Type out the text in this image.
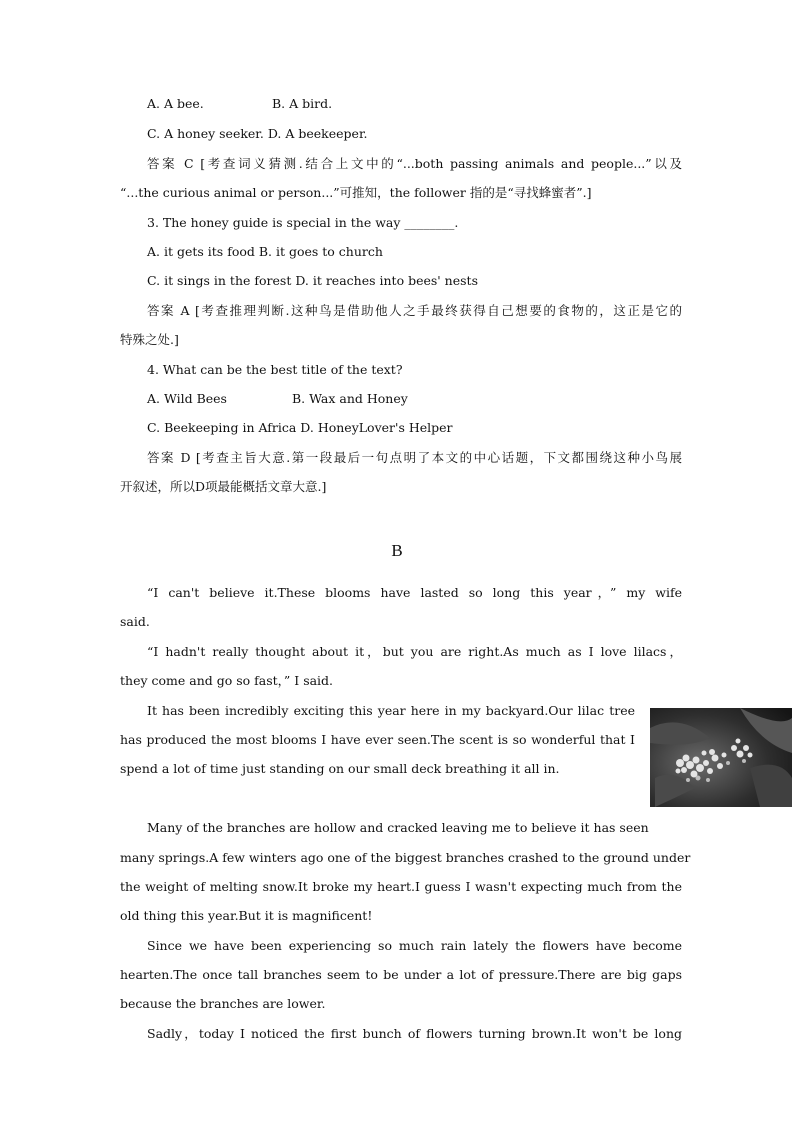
A. A bee.	B. A bird.
C. A honey seeker. D. A beekeeper.
答案 C [考查词义猜测.结合上文中的“...both passing animals and people...”以及
“...the curious animal or person...”可推知，the follower 指的是“寻找蜂蜜者”.]
3. The honey guide is special in the way ________.
A. it gets its food B. it goes to church
C. it sings in the forest D. it reaches into bees' nests
答案 A [考查推理判断.这种鸟是借助他人之手最终获得自己想要的食物的，这正是它的
特殊之处.]
4. What can be the best title of the text?
A. Wild Bees	B. Wax and Honey
C. Beekeeping in Africa D. HoneyLover's Helper
答案 D [考查主旨大意.第一段最后一句点明了本文的中心话题，下文都围绕这种小鸟展
开叙述，所以D项最能概括文章大意.]
B
“I can't believe it.These blooms have lasted so long this year，” my wife
said.
“I hadn't really thought about it，but you are right.As much as I love lilacs，
they come and go so fast，” I said.
It has been incredibly exciting this year here in my backyard.Our lilac tree
has produced the most blooms I have ever seen.The scent is so wonderful that I
spend a lot of time just standing on our small deck breathing it all in.
Many of the branches are hollow and cracked leaving me to believe it has seen
many springs.A few winters ago one of the biggest branches crashed to the ground under
the weight of melting snow.It broke my heart.I guess I wasn't expecting much from the
old thing this year.But it is magnificent!
Since we have been experiencing so much rain lately the flowers have become
hearten.The once tall branches seem to be under a lot of pressure.There are big gaps
because the branches are lower.
Sadly，today I noticed the first bunch of flowers turning brown.It won't be long
